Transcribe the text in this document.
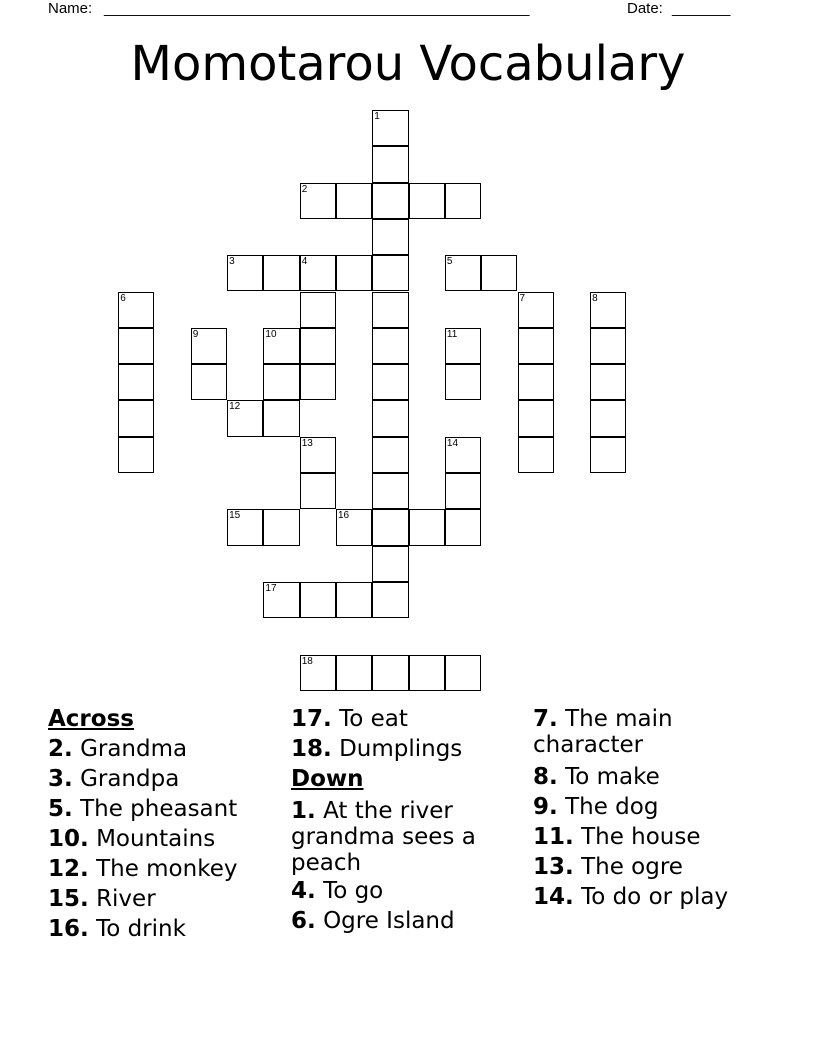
Name:

___________________________________________________

	Date:

_______

Momotarou Vocabulary
1
2
3	4	5
6	7	8
9	10	11
12
13	14
15	16
17
18
Across
2. Grandma
3. Grandpa
5. The pheasant
10. Mountains
12. The monkey
15. River
16. To drink
17. To eat
18. Dumplings
Down
1. At the river grandma sees a peach
4. To go
6. Ogre Island
7. The main character
8. To make
9. The dog
11. The house
13. The ogre
14. To do or play
